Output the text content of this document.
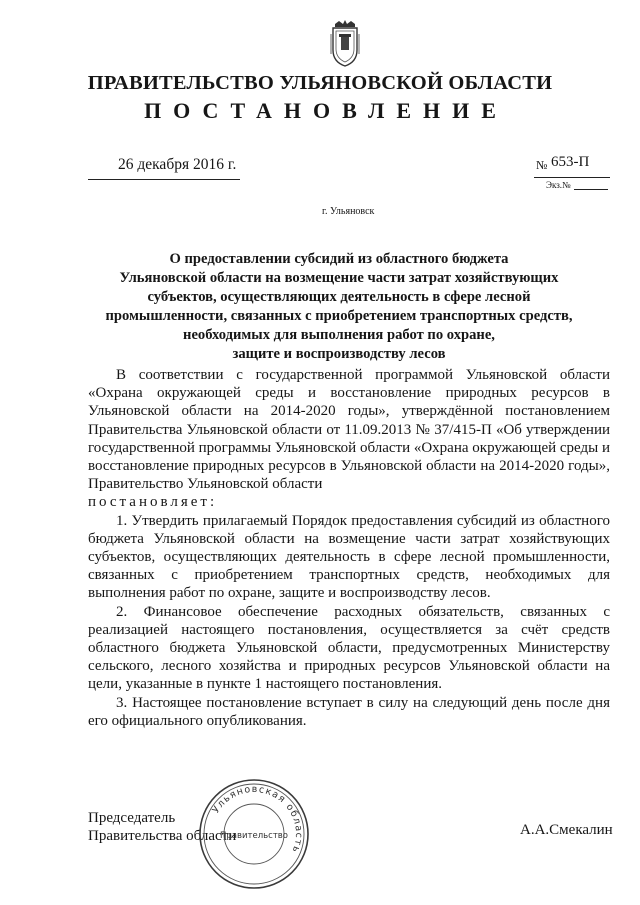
ПРАВИТЕЛЬСТВО УЛЬЯНОВСКОЙ ОБЛАСТИ
ПОСТАНОВЛЕНИЕ
26 декабря 2016 г.	№ 653-П
Экз.№
г. Ульяновск
О предоставлении субсидий из областного бюджета
Ульяновской области на возмещение части затрат хозяйствующих
субъектов, осуществляющих деятельность в сфере лесной
промышленности, связанных с приобретением транспортных средств,
необходимых для выполнения работ по охране,
защите и воспроизводству лесов

В соответствии с государственной программой Ульяновской области «Охрана окружающей среды и восстановление природных ресурсов в Ульяновской области на 2014-2020 годы», утверждённой постановлением Правительства Ульяновской области от 11.09.2013 № 37/415-П «Об утверждении государственной программы Ульяновской области «Охрана окружающей среды и восстановление природных ресурсов в Ульяновской области на 2014-2020 годы», Правительство Ульяновской области

постановляет:

1. Утвердить прилагаемый Порядок предоставления субсидий из областного бюджета Ульяновской области на возмещение части затрат хозяйствующих субъектов, осуществляющих деятельность в сфере лесной промышленности, связанных с приобретением транспортных средств, необходимых для выполнения работ по охране, защите и воспроизводству лесов.

2. Финансовое обеспечение расходных обязательств, связанных с реализацией настоящего постановления, осуществляется за счёт средств областного бюджета Ульяновской области, предусмотренных Министерству сельского, лесного хозяйства и природных ресурсов Ульяновской области на цели, указанные в пункте 1 настоящего постановления.

3. Настоящее постановление вступает в силу на следующий день после дня его официального опубликования.

Председатель
Правительства области	А.А.Смекалин
Ульяновская область
Правительство
